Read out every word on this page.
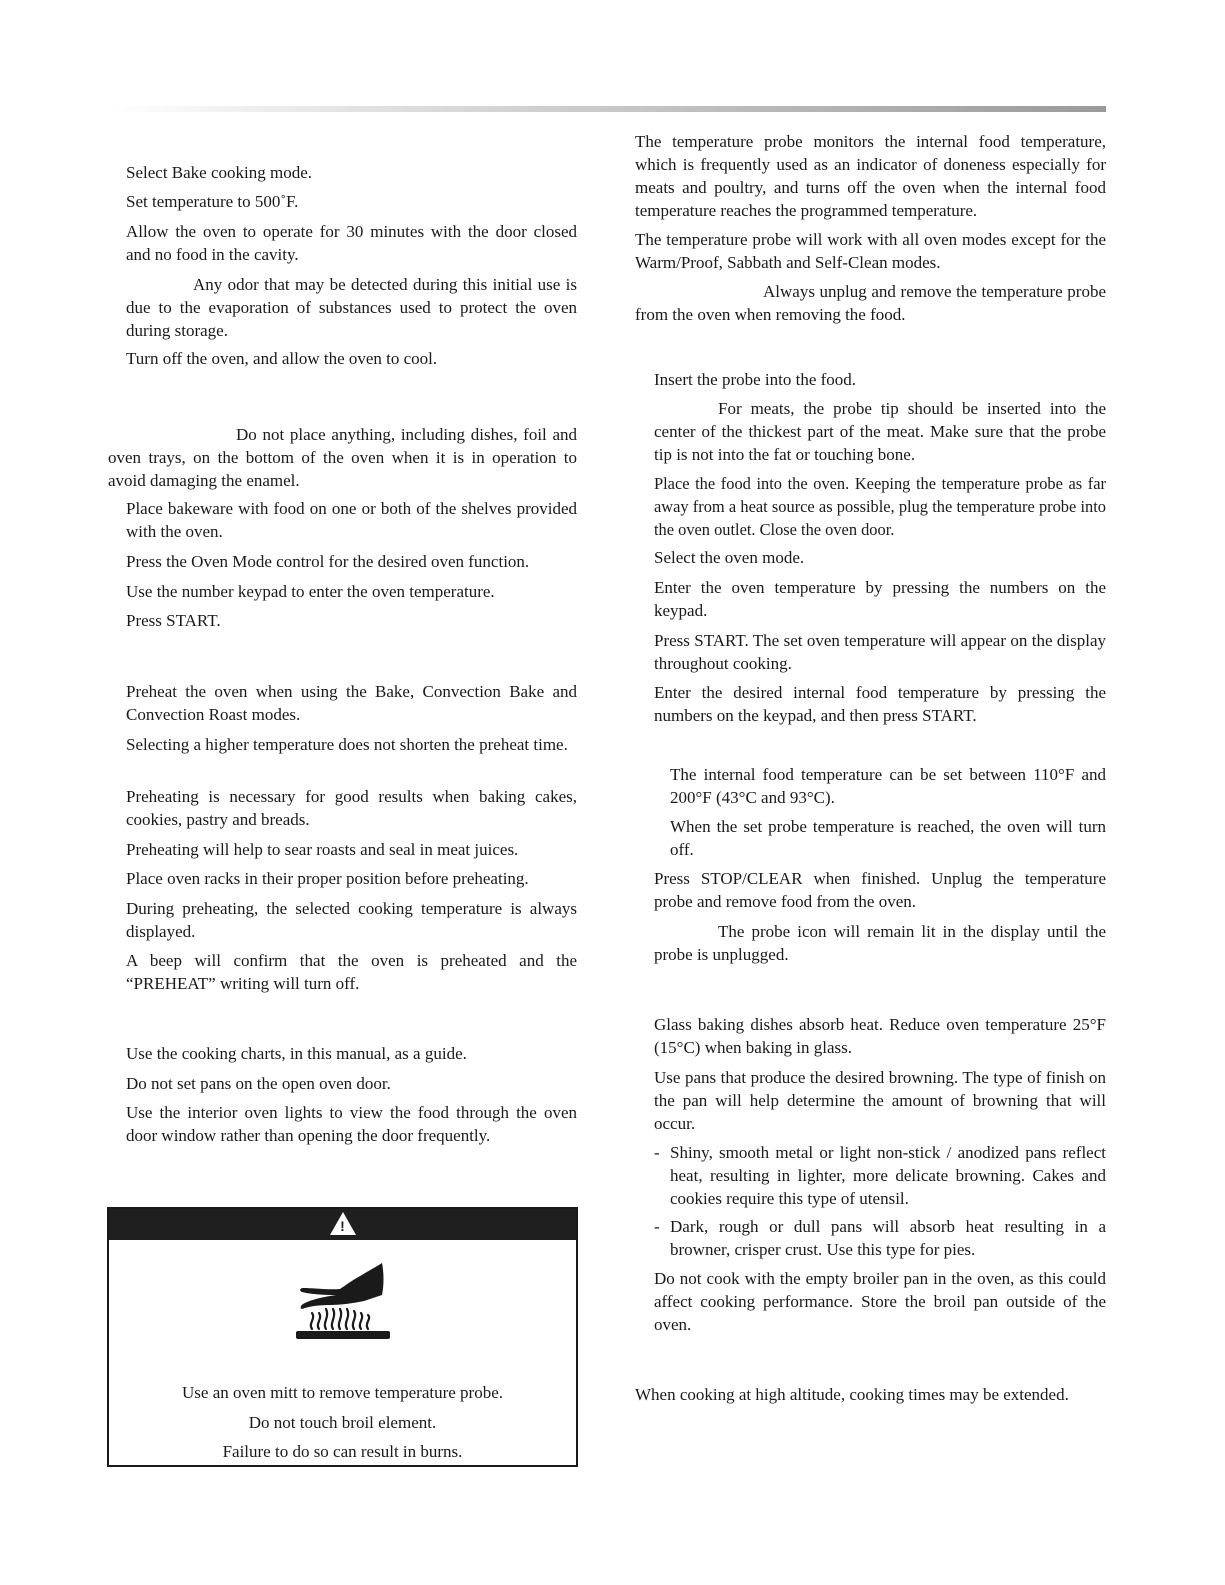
Select Bake cooking mode.
Set temperature to 500˚F.
Allow the oven to operate for 30 minutes with the door closed and no food in the cavity.
Any odor that may be detected during this initial use is due to the evaporation of substances used to protect the oven during storage.
Turn off the oven, and allow the oven to cool.
Do not place anything, including dishes, foil and oven trays, on the bottom of the oven when it is in operation to avoid damaging the enamel.
Place bakeware with food on one or both of the shelves provided with the oven.
Press the Oven Mode control for the desired oven function.
Use the number keypad to enter the oven temperature.
Press START.
Preheat the oven when using the Bake, Convection Bake and Convection Roast modes.
Selecting a higher temperature does not shorten the preheat time.
Preheating is necessary for good results when baking cakes, cookies, pastry and breads.
Preheating will help to sear roasts and seal in meat juices.
Place oven racks in their proper position before preheating.
During preheating, the selected cooking temperature is always displayed.
A beep will confirm that the oven is preheated and the “PREHEAT” writing will turn off.
Use the cooking charts, in this manual, as a guide.
Do not set pans on the open oven door.
Use the interior oven lights to view the food through the oven door window rather than opening the door frequently.
!
Use an oven mitt to remove temperature probe.
Do not touch broil element.
Failure to do so can result in burns.
The temperature probe monitors the internal food temperature, which is frequently used as an indicator of doneness especially for meats and poultry, and turns off the oven when the internal food temperature reaches the programmed temperature.
The temperature probe will work with all oven modes except for the Warm/Proof, Sabbath and Self-Clean modes.
Always unplug and remove the temperature probe from the oven when removing the food.
Insert the probe into the food.
For meats, the probe tip should be inserted into the center of the thickest part of the meat. Make sure that the probe tip is not into the fat or touching bone.
Place the food into the oven. Keeping the temperature probe as far away from a heat source as possible, plug the temperature probe into the oven outlet. Close the oven door.
Select the oven mode.
Enter the oven temperature by pressing the numbers on the keypad.
Press START. The set oven temperature will appear on the display throughout cooking.
Enter the desired internal food temperature by pressing the numbers on the keypad, and then press START.
The internal food temperature can be set between 110°F and 200°F (43°C and 93°C).
When the set probe temperature is reached, the oven will turn off.
Press STOP/CLEAR when finished. Unplug the temperature probe and remove food from the oven.
The probe icon will remain lit in the display until the probe is unplugged.
Glass baking dishes absorb heat. Reduce oven temperature 25°F (15°C) when baking in glass.
Use pans that produce the desired browning. The type of finish on the pan will help determine the amount of browning that will occur.
- Shiny, smooth metal or light non-stick / anodized pans reflect heat, resulting in lighter, more delicate browning. Cakes and cookies require this type of utensil.
- Dark, rough or dull pans will absorb heat resulting in a browner, crisper crust. Use this type for pies.
Do not cook with the empty broiler pan in the oven, as this could affect cooking performance. Store the broil pan outside of the oven.
When cooking at high altitude, cooking times may be extended.
